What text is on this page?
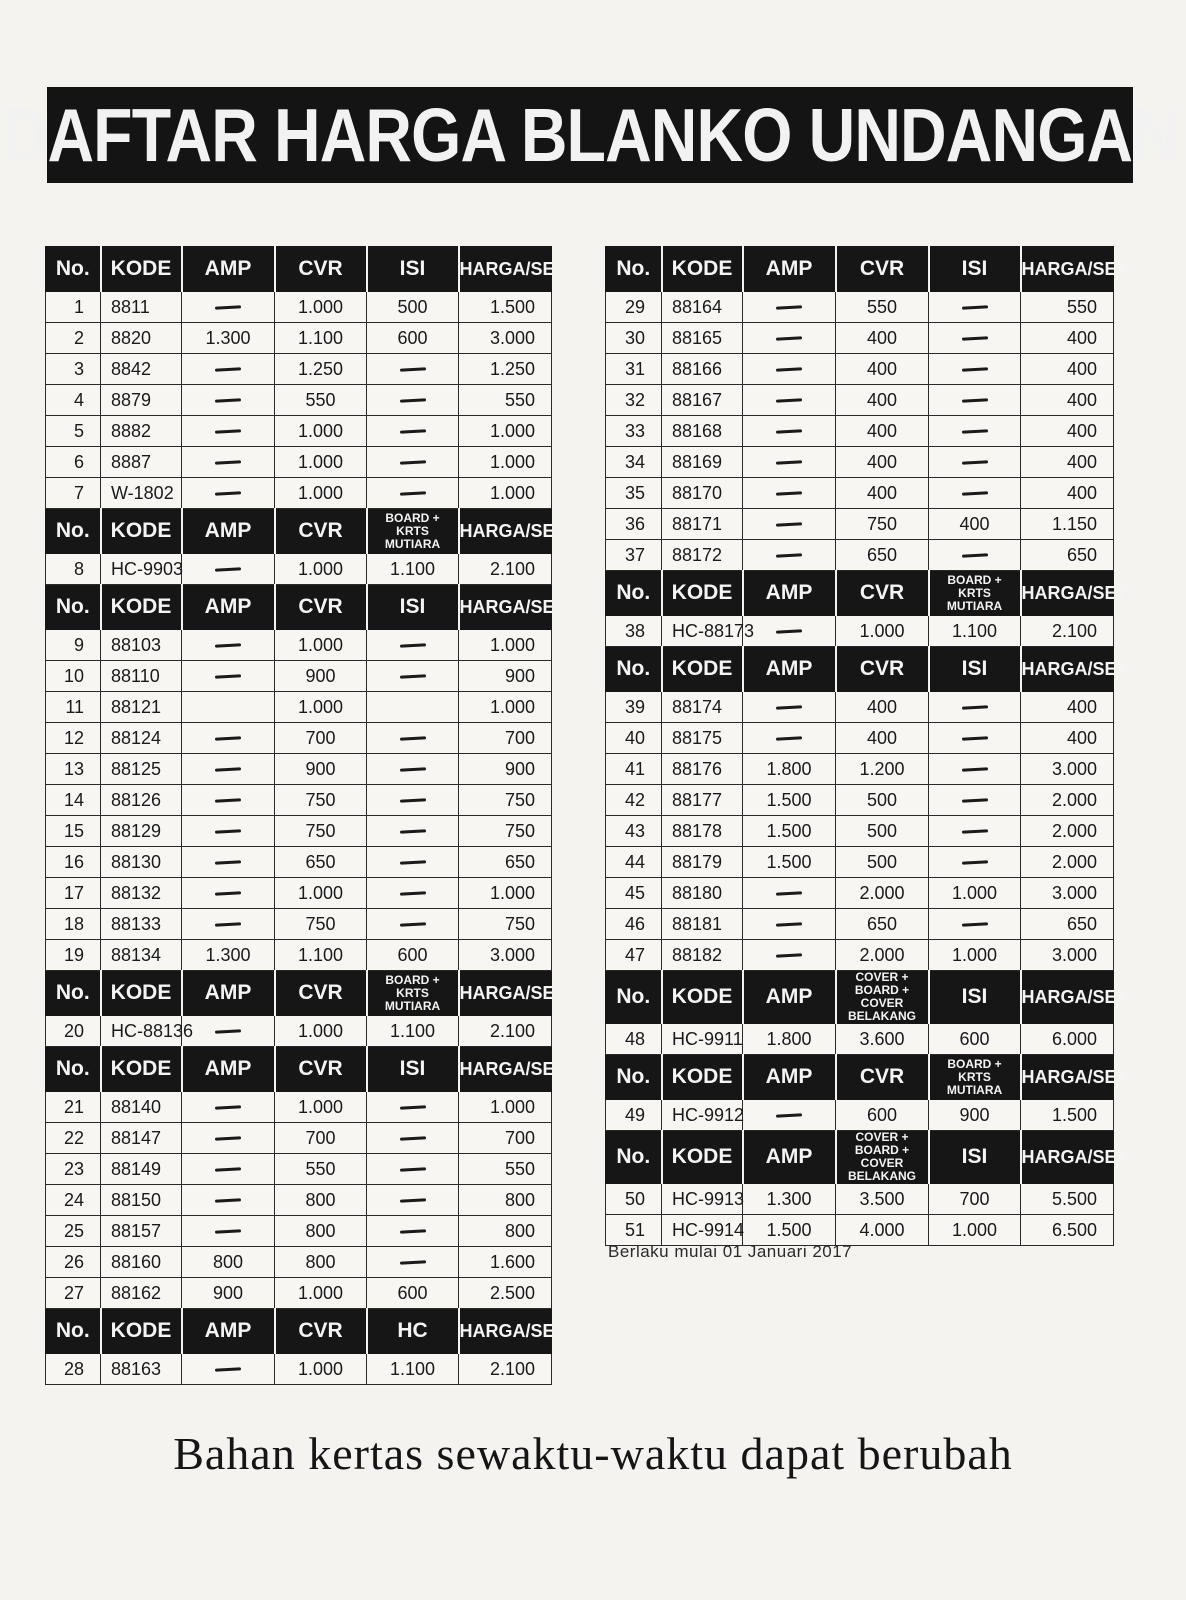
DAFTAR HARGA BLANKO UNDANGAN
No.	KODE	AMP	CVR	ISI	HARGA/SET
1	8811		1.000	500	1.500
2	8820	1.300	1.100	600	3.000
3	8842		1.250		1.250
4	8879		550		550
5	8882		1.000		1.000
6	8887		1.000		1.000
7	W-1802		1.000		1.000
No.	KODE	AMP	CVR	BOARD + KRTS MUTIARA	HARGA/SET
8	HC-9903		1.000	1.100	2.100
No.	KODE	AMP	CVR	ISI	HARGA/SET
9	88103		1.000		1.000
10	88110		900		900
11	88121		1.000		1.000
12	88124		700		700
13	88125		900		900
14	88126		750		750
15	88129		750		750
16	88130		650		650
17	88132		1.000		1.000
18	88133		750		750
19	88134	1.300	1.100	600	3.000
No.	KODE	AMP	CVR	BOARD + KRTS MUTIARA	HARGA/SET
20	HC-88136		1.000	1.100	2.100
No.	KODE	AMP	CVR	ISI	HARGA/SET
21	88140		1.000		1.000
22	88147		700		700
23	88149		550		550
24	88150		800		800
25	88157		800		800
26	88160	800	800		1.600
27	88162	900	1.000	600	2.500
No.	KODE	AMP	CVR	HC	HARGA/SET
28	88163		1.000	1.100	2.100
No.	KODE	AMP	CVR	ISI	HARGA/SET
29	88164		550		550
30	88165		400		400
31	88166		400		400
32	88167		400		400
33	88168		400		400
34	88169		400		400
35	88170		400		400
36	88171		750	400	1.150
37	88172		650		650
No.	KODE	AMP	CVR	BOARD + KRTS MUTIARA	HARGA/SET
38	HC-88173		1.000	1.100	2.100
No.	KODE	AMP	CVR	ISI	HARGA/SET
39	88174		400		400
40	88175		400		400
41	88176	1.800	1.200		3.000
42	88177	1.500	500		2.000
43	88178	1.500	500		2.000
44	88179	1.500	500		2.000
45	88180		2.000	1.000	3.000
46	88181		650		650
47	88182		2.000	1.000	3.000
No.	KODE	AMP	COVER + BOARD + COVER BELAKANG	ISI	HARGA/SET
48	HC-9911	1.800	3.600	600	6.000
No.	KODE	AMP	CVR	BOARD + KRTS MUTIARA	HARGA/SET
49	HC-9912		600	900	1.500
No.	KODE	AMP	COVER + BOARD + COVER BELAKANG	ISI	HARGA/SET
50	HC-9913	1.300	3.500	700	5.500
51	HC-9914	1.500	4.000	1.000	6.500
Berlaku mulai 01 Januari 2017
Bahan kertas sewaktu-waktu dapat berubah
